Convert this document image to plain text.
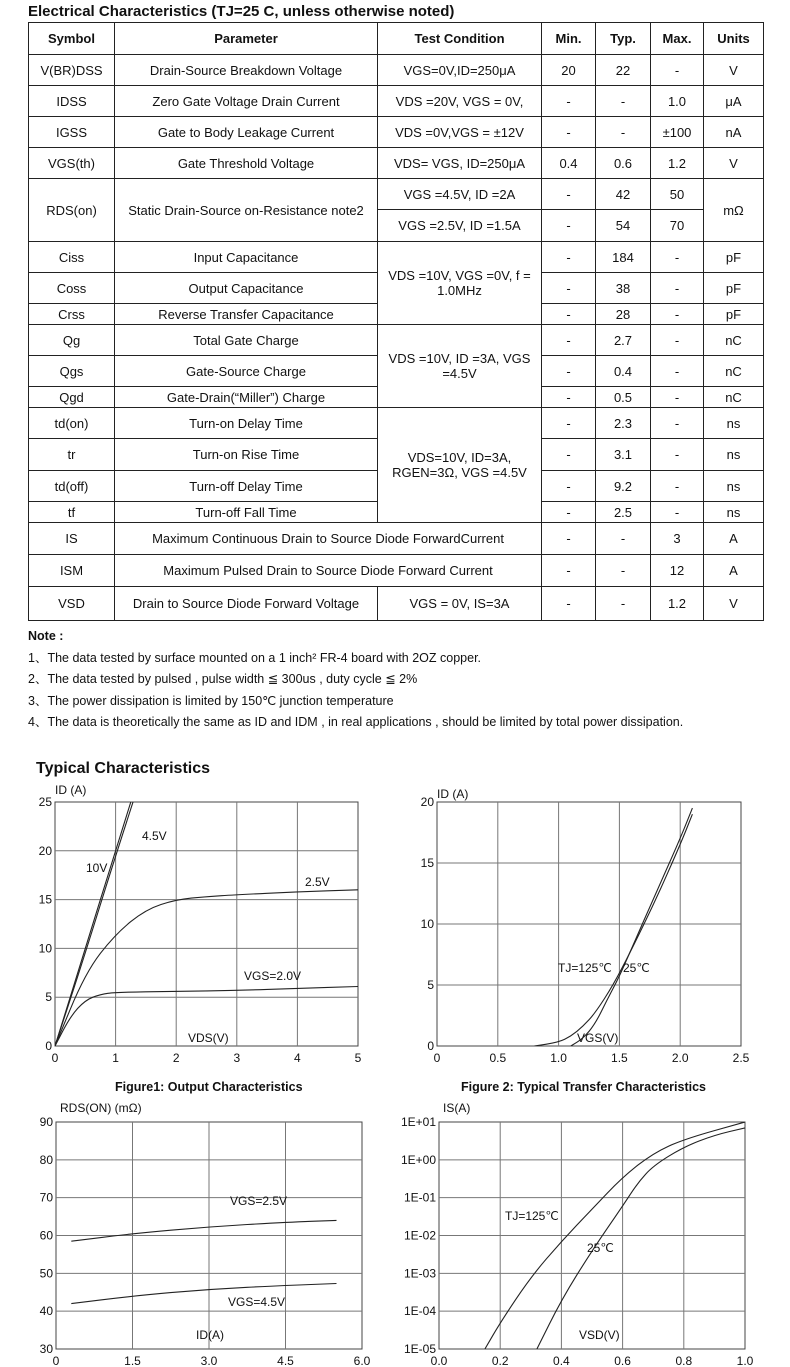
Electrical Characteristics (TJ=25 C, unless otherwise noted)
Symbol	Parameter	Test Condition	Min.	Typ.	Max.	Units
V(BR)DSS	Drain-Source Breakdown Voltage	VGS=0V,ID=250μA	20	22	-	V
IDSS	Zero Gate Voltage Drain Current	VDS =20V, VGS = 0V,	-	-	1.0	μA
IGSS	Gate to Body Leakage Current	VDS =0V,VGS = ±12V	-	-	±100	nA
VGS(th)	Gate Threshold Voltage	VDS= VGS, ID=250μA	0.4	0.6	1.2	V
RDS(on)	Static Drain-Source on-Resistance note2	VGS =4.5V, ID =2A	-	42	50	mΩ
		VGS =2.5V, ID =1.5A	-	54	70	
Ciss	Input Capacitance	VDS =10V, VGS =0V, f = 1.0MHz	-	184	-	pF
Coss	Output Capacitance		-	38	-	pF
Crss	Reverse Transfer Capacitance		-	28	-	pF
Qg	Total Gate Charge	VDS =10V, ID =3A, VGS =4.5V	-	2.7	-	nC
Qgs	Gate-Source Charge		-	0.4	-	nC
Qgd	Gate-Drain(“Miller”) Charge		-	0.5	-	nC
td(on)	Turn-on Delay Time	VDS=10V, ID=3A, RGEN=3Ω, VGS =4.5V	-	2.3	-	ns
tr	Turn-on Rise Time		-	3.1	-	ns
td(off)	Turn-off Delay Time		-	9.2	-	ns
tf	Turn-off Fall Time		-	2.5	-	ns
IS	Maximum Continuous Drain to Source Diode ForwardCurrent		-	-	3	A
ISM	Maximum Pulsed Drain to Source Diode Forward Current		-	-	12	A
VSD	Drain to Source Diode Forward Voltage	VGS = 0V, IS=3A	-	-	1.2	V
Note :
1、The data tested by surface mounted on a 1 inch² FR-4 board with 2OZ copper.
2、The data tested by pulsed , pulse width ≦ 300us , duty cycle ≦ 2%
3、The power dissipation is limited by 150℃ junction temperature
4、The data is theoretically the same as ID and IDM , in real applications , should be limited by total power dissipation.
Typical Characteristics
0	1	2	3	4	5
0
5
10
15
20
25
ID (A)
VDS(V)
10V
4.5V
2.5V
VGS=2.0V
Figure1: Output Characteristics
0	0.5	1.0	1.5	2.0	2.5
0
5
10
15
20
ID (A)
VGS(V)
TJ=125℃ 25℃
Figure 2: Typical Transfer Characteristics
0	1.5	3.0	4.5	6.0
30
40
50
60
70
80
90
RDS(ON) (mΩ)
ID(A)
VGS=2.5V
VGS=4.5V
0.0	0.2	0.4	0.6	0.8	1.0
1E-05
1E-04
1E-03
1E-02
1E-01
1E+00
1E+01
IS(A)
VSD(V)
TJ=125℃
25℃
